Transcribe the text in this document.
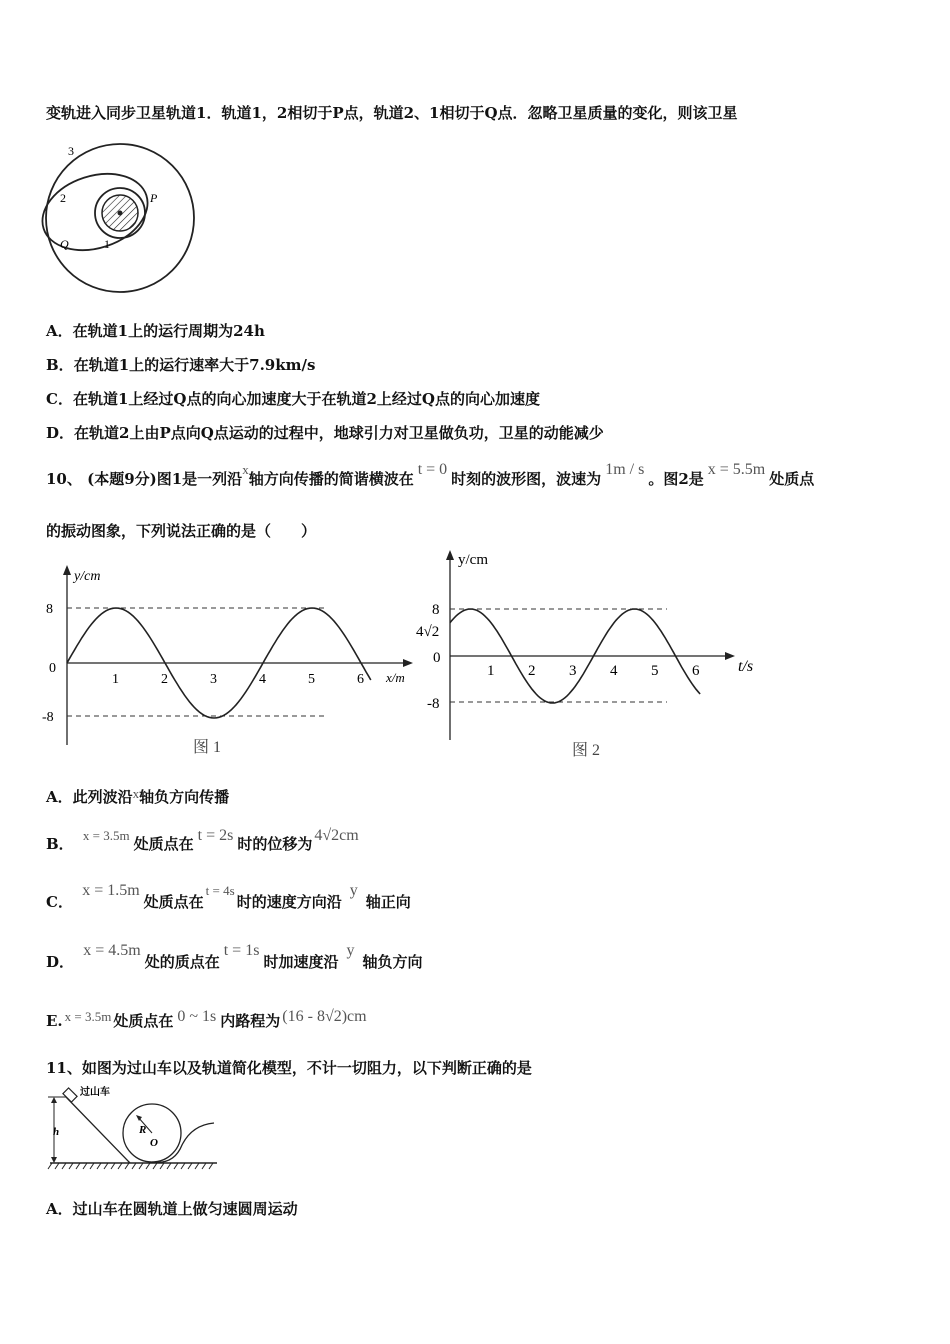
变轨进入同步卫星轨道1．轨道1，2相切于P点，轨道2、1相切于Q点．忽略卫星质量的变化，则该卫星
3
2
1
P
Q
A．在轨道1上的运行周期为24h
B．在轨道1上的运行速率大于7.9km/s
C．在轨道1上经过Q点的向心加速度大于在轨道2上经过Q点的向心加速度
D．在轨道2上由P点向Q点运动的过程中，地球引力对卫星做负功，卫星的动能减少
10、 (本题9分)图1是一列沿x轴方向传播的简谐横波在t = 0时刻的波形图，波速为1m / s。图2是x = 5.5m处质点
的振动图象，下列说法正确的是（　　）
y/cm
x/m
8
0
-8
1	2	3	4	5	6
图 1
y/cm
t/s
8
4√2
0
-8
1 2 3 4 5 6
图 2
A．此列波沿x轴负方向传播
B． x = 3.5m 处质点在 t = 2s 时的位移为 4√2cm
C． x = 1.5m处质点在t = 4s时的速度方向沿y轴正向
D． x = 4.5m处的质点在t = 1s时加速度沿y轴负方向
E. x = 3.5m 处质点在 0 ~ 1s 内路程为 (16 - 8√2)cm
11、如图为过山车以及轨道简化模型，不计一切阻力，以下判断正确的是
h
过山车
R
O
A．过山车在圆轨道上做匀速圆周运动
